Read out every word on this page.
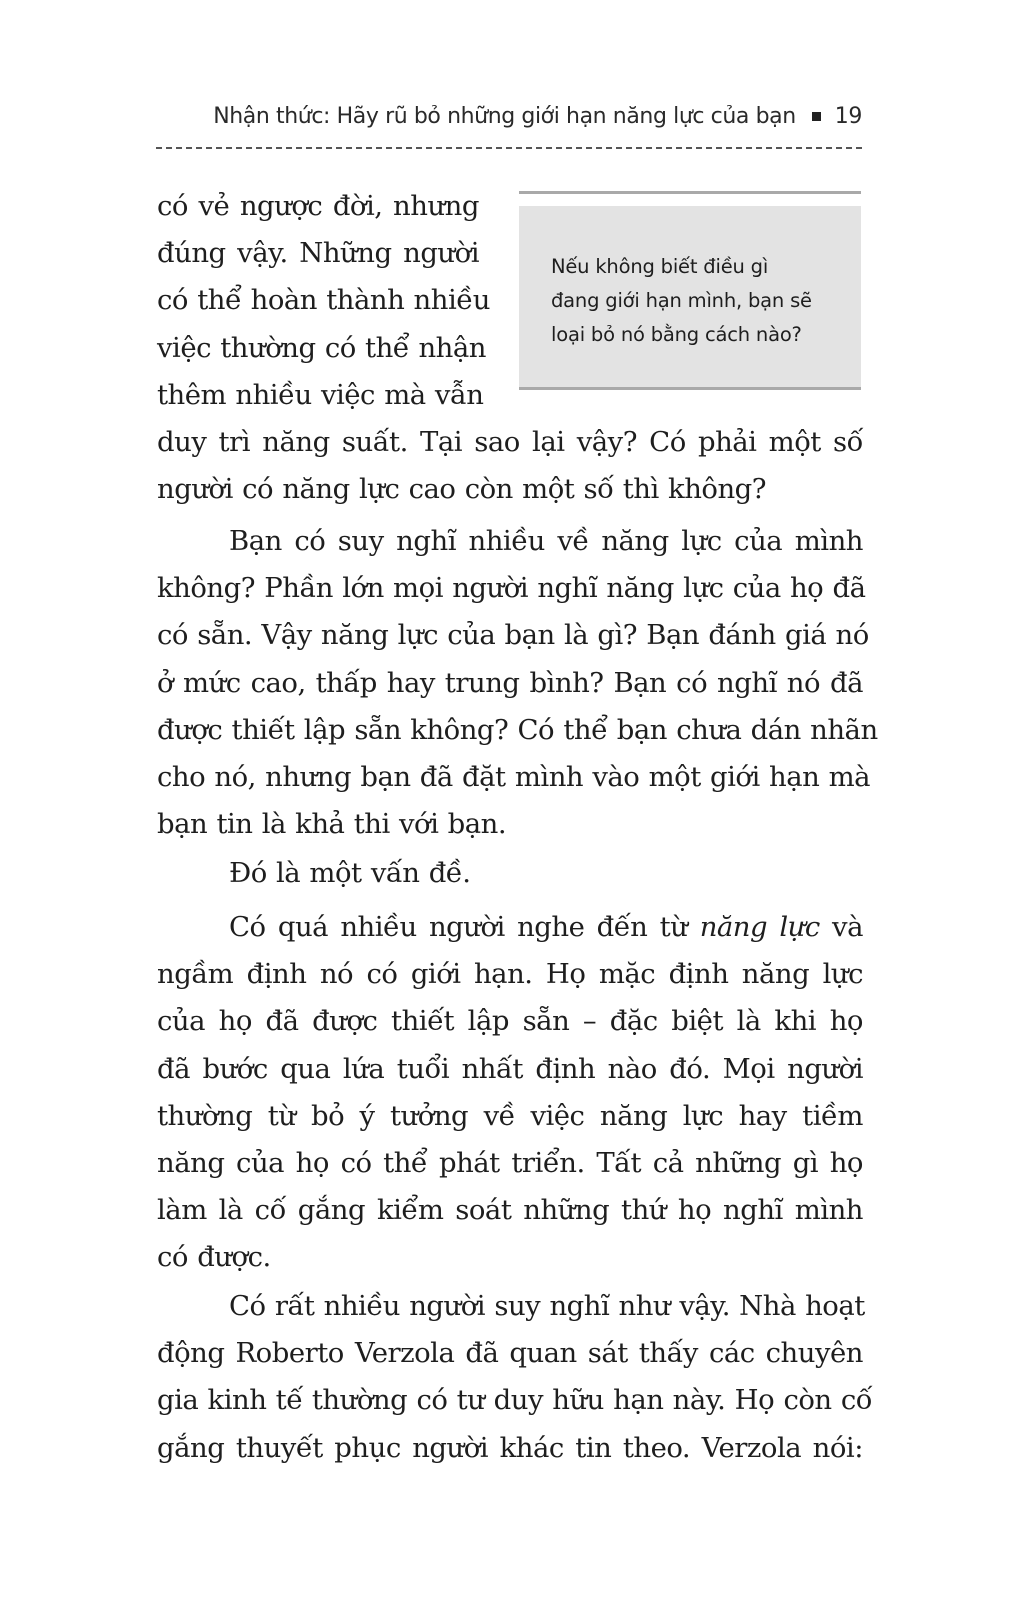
Nhận thức: Hãy rũ bỏ những giới hạn năng lực của bạn 19
Nếu không biết điều gì
đang giới hạn mình, bạn sẽ
loại bỏ nó bằng cách nào?
có vẻ ngược đời, nhưng
đúng vậy. Những người
có thể hoàn thành nhiều
việc thường có thể nhận
thêm nhiều việc mà vẫn
duy trì năng suất. Tại sao lại vậy? Có phải một số
người có năng lực cao còn một số thì không?
Bạn có suy nghĩ nhiều về năng lực của mình
không? Phần lớn mọi người nghĩ năng lực của họ đã
có sẵn. Vậy năng lực của bạn là gì? Bạn đánh giá nó
ở mức cao, thấp hay trung bình? Bạn có nghĩ nó đã
được thiết lập sẵn không? Có thể bạn chưa dán nhãn
cho nó, nhưng bạn đã đặt mình vào một giới hạn mà
bạn tin là khả thi với bạn.
Đó là một vấn đề.
Có quá nhiều người nghe đến từ năng lực và
ngầm định nó có giới hạn. Họ mặc định năng lực
của họ đã được thiết lập sẵn – đặc biệt là khi họ
đã bước qua lứa tuổi nhất định nào đó. Mọi người
thường từ bỏ ý tưởng về việc năng lực hay tiềm
năng của họ có thể phát triển. Tất cả những gì họ
làm là cố gắng kiểm soát những thứ họ nghĩ mình
có được.
Có rất nhiều người suy nghĩ như vậy. Nhà hoạt
động Roberto Verzola đã quan sát thấy các chuyên
gia kinh tế thường có tư duy hữu hạn này. Họ còn cố
gắng thuyết phục người khác tin theo. Verzola nói:
